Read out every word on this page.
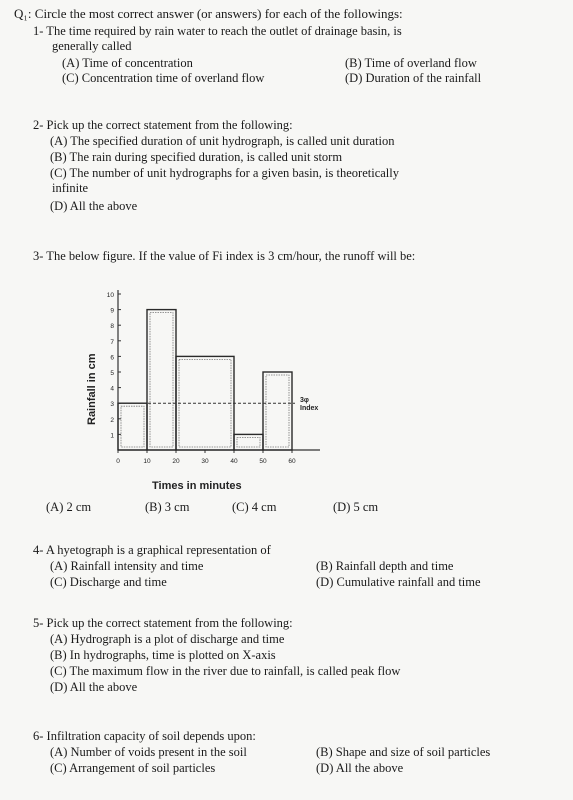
Q₁: Circle the most correct answer (or answers) for each of the followings:
1- The time required by rain water to reach the outlet of drainage basin, is
generally called
(A) Time of concentration	(B) Time of overland flow
(C) Concentration time of overland flow	(D) Duration of the rainfall
2- Pick up the correct statement from the following:
(A) The specified duration of unit hydrograph, is called unit duration
(B) The rain during specified duration, is called unit storm
(C) The number of unit hydrographs for a given basin, is theoretically
infinite
(D) All the above
3- The below figure. If the value of Fi index is 3 cm/hour, the runoff will be:
Rainfall in cm
Times in minutes
1
2
3
4
5
6
7
8
9
10
0	10	20	30	40	50	60
3φ
Index
(A) 2 cm	(B) 3 cm	(C) 4 cm	(D) 5 cm
4- A hyetograph is a graphical representation of
(A) Rainfall intensity and time	(B) Rainfall depth and time
(C) Discharge and time	(D) Cumulative rainfall and time
5- Pick up the correct statement from the following:
(A) Hydrograph is a plot of discharge and time
(B) In hydrographs, time is plotted on X-axis
(C) The maximum flow in the river due to rainfall, is called peak flow
(D) All the above
6- Infiltration capacity of soil depends upon:
(A) Number of voids present in the soil	(B) Shape and size of soil particles
(C) Arrangement of soil particles	(D) All the above
